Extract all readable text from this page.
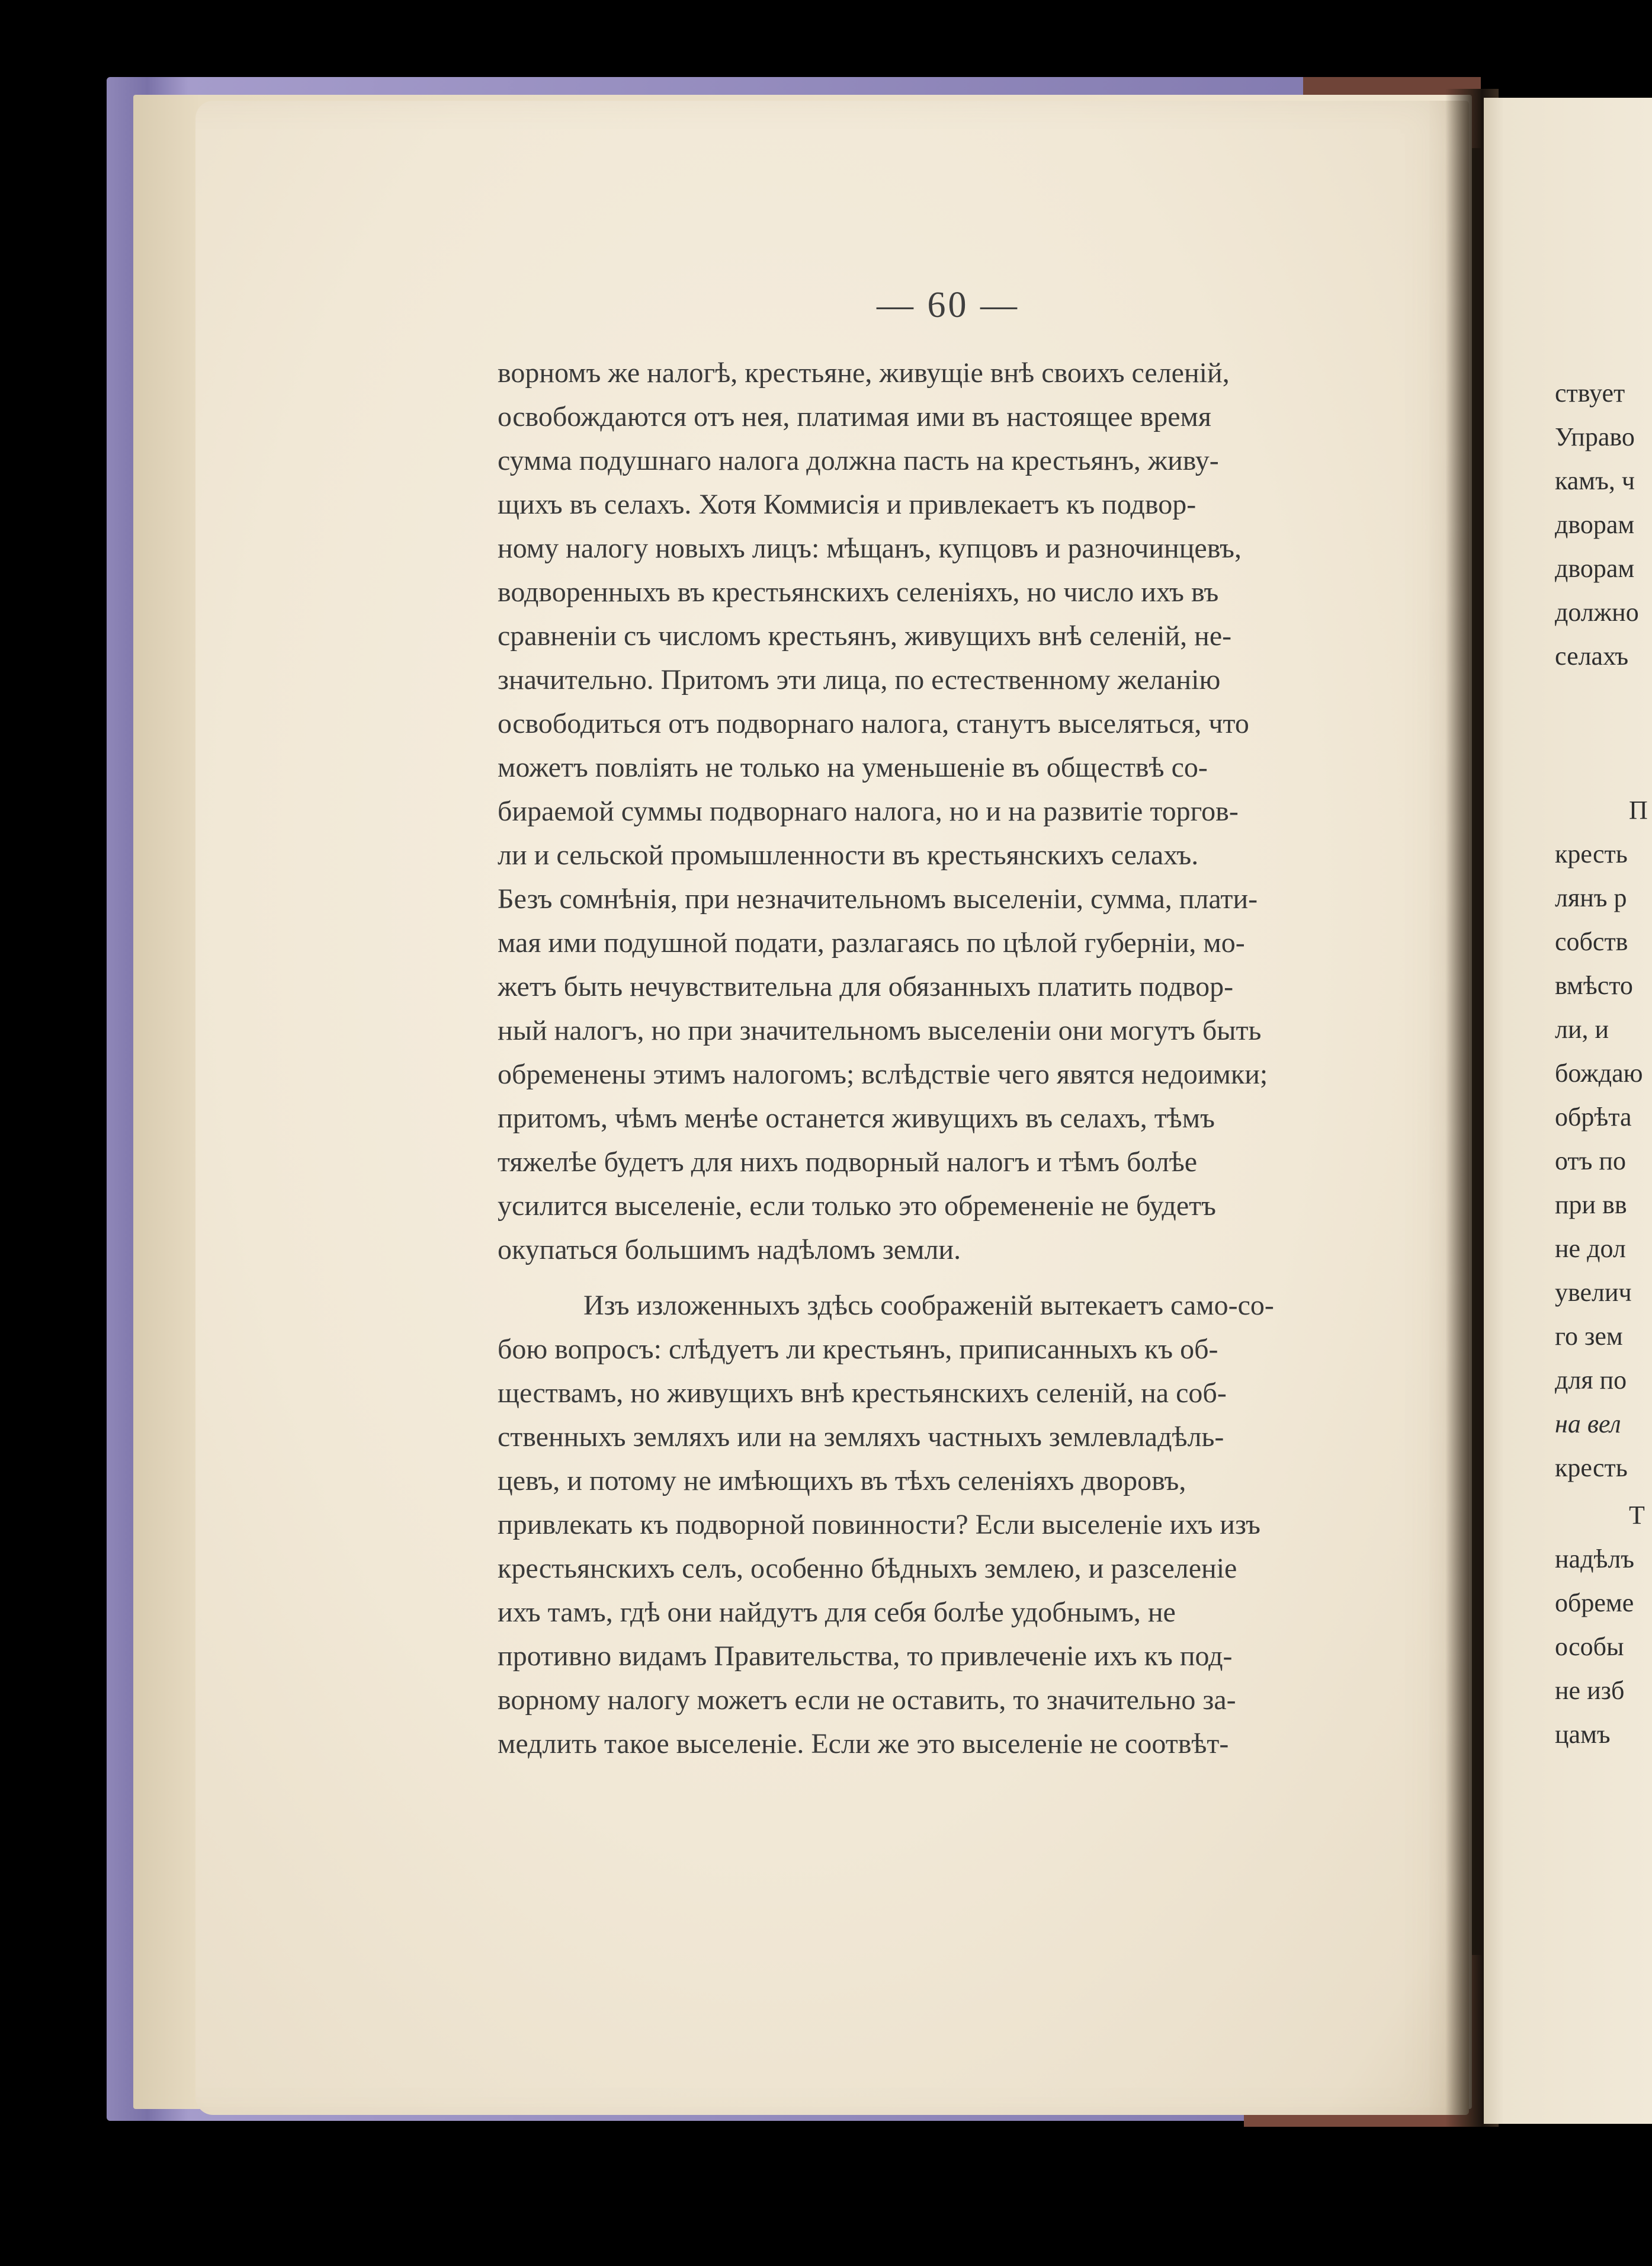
— 60 —
ворномъ же налогѣ, крестьяне, живущіе внѣ своихъ селеній,
освобождаются отъ нея, платимая ими въ настоящее время
сумма подушнаго налога должна пасть на крестьянъ, живу-
щихъ въ селахъ. Хотя Коммисія и привлекаетъ къ подвор-
ному налогу новыхъ лицъ: мѣщанъ, купцовъ и разночинцевъ,
водворенныхъ въ крестьянскихъ селеніяхъ, но число ихъ въ
сравненіи съ числомъ крестьянъ, живущихъ внѣ селеній, не-
значительно. Притомъ эти лица, по естественному желанію
освободиться отъ подворнаго налога, станутъ выселяться, что
можетъ повліять не только на уменьшеніе въ обществѣ со-
бираемой суммы подворнаго налога, но и на развитіе торгов-
ли и сельской промышленности въ крестьянскихъ селахъ.
Безъ сомнѣнія, при незначительномъ выселеніи, сумма, плати-
мая ими подушной подати, разлагаясь по цѣлой губерніи, мо-
жетъ быть нечувствительна для обязанныхъ платить подвор-
ный налогъ, но при значительномъ выселеніи они могутъ быть
обременены этимъ налогомъ; вслѣдствіе чего явятся недоимки;
притомъ, чѣмъ менѣе останется живущихъ въ селахъ, тѣмъ
тяжелѣе будетъ для нихъ подворный налогъ и тѣмъ болѣе
усилится выселеніе, если только это обремененіе не будетъ
окупаться большимъ надѣломъ земли.
Изъ изложенныхъ здѣсь соображеній вытекаетъ само-со-
бою вопросъ: слѣдуетъ ли крестьянъ, приписанныхъ къ об-
ществамъ, но живущихъ внѣ крестьянскихъ селеній, на соб-
ственныхъ земляхъ или на земляхъ частныхъ землевладѣль-
цевъ, и потому не имѣющихъ въ тѣхъ селеніяхъ дворовъ,
привлекать къ подворной повинности? Если выселеніе ихъ изъ
крестьянскихъ селъ, особенно бѣдныхъ землею, и разселеніе
ихъ тамъ, гдѣ они найдутъ для себя болѣе удобнымъ, не
противно видамъ Правительства, то привлеченіе ихъ къ под-
ворному налогу можетъ если не оставить, то значительно за-
медлить такое выселеніе. Если же это выселеніе не соотвѣт-
ствует
Управо
камъ, ч
дворам
дворам
должно
селахъ
П
кресть
лянъ р
собств
вмѣсто
ли, и
бождаю
обрѣта
отъ по
при вв
не дол
увелич
го зем
для по
на вел
кресть
Т
надѣлъ
обреме
особы
не изб
цамъ
